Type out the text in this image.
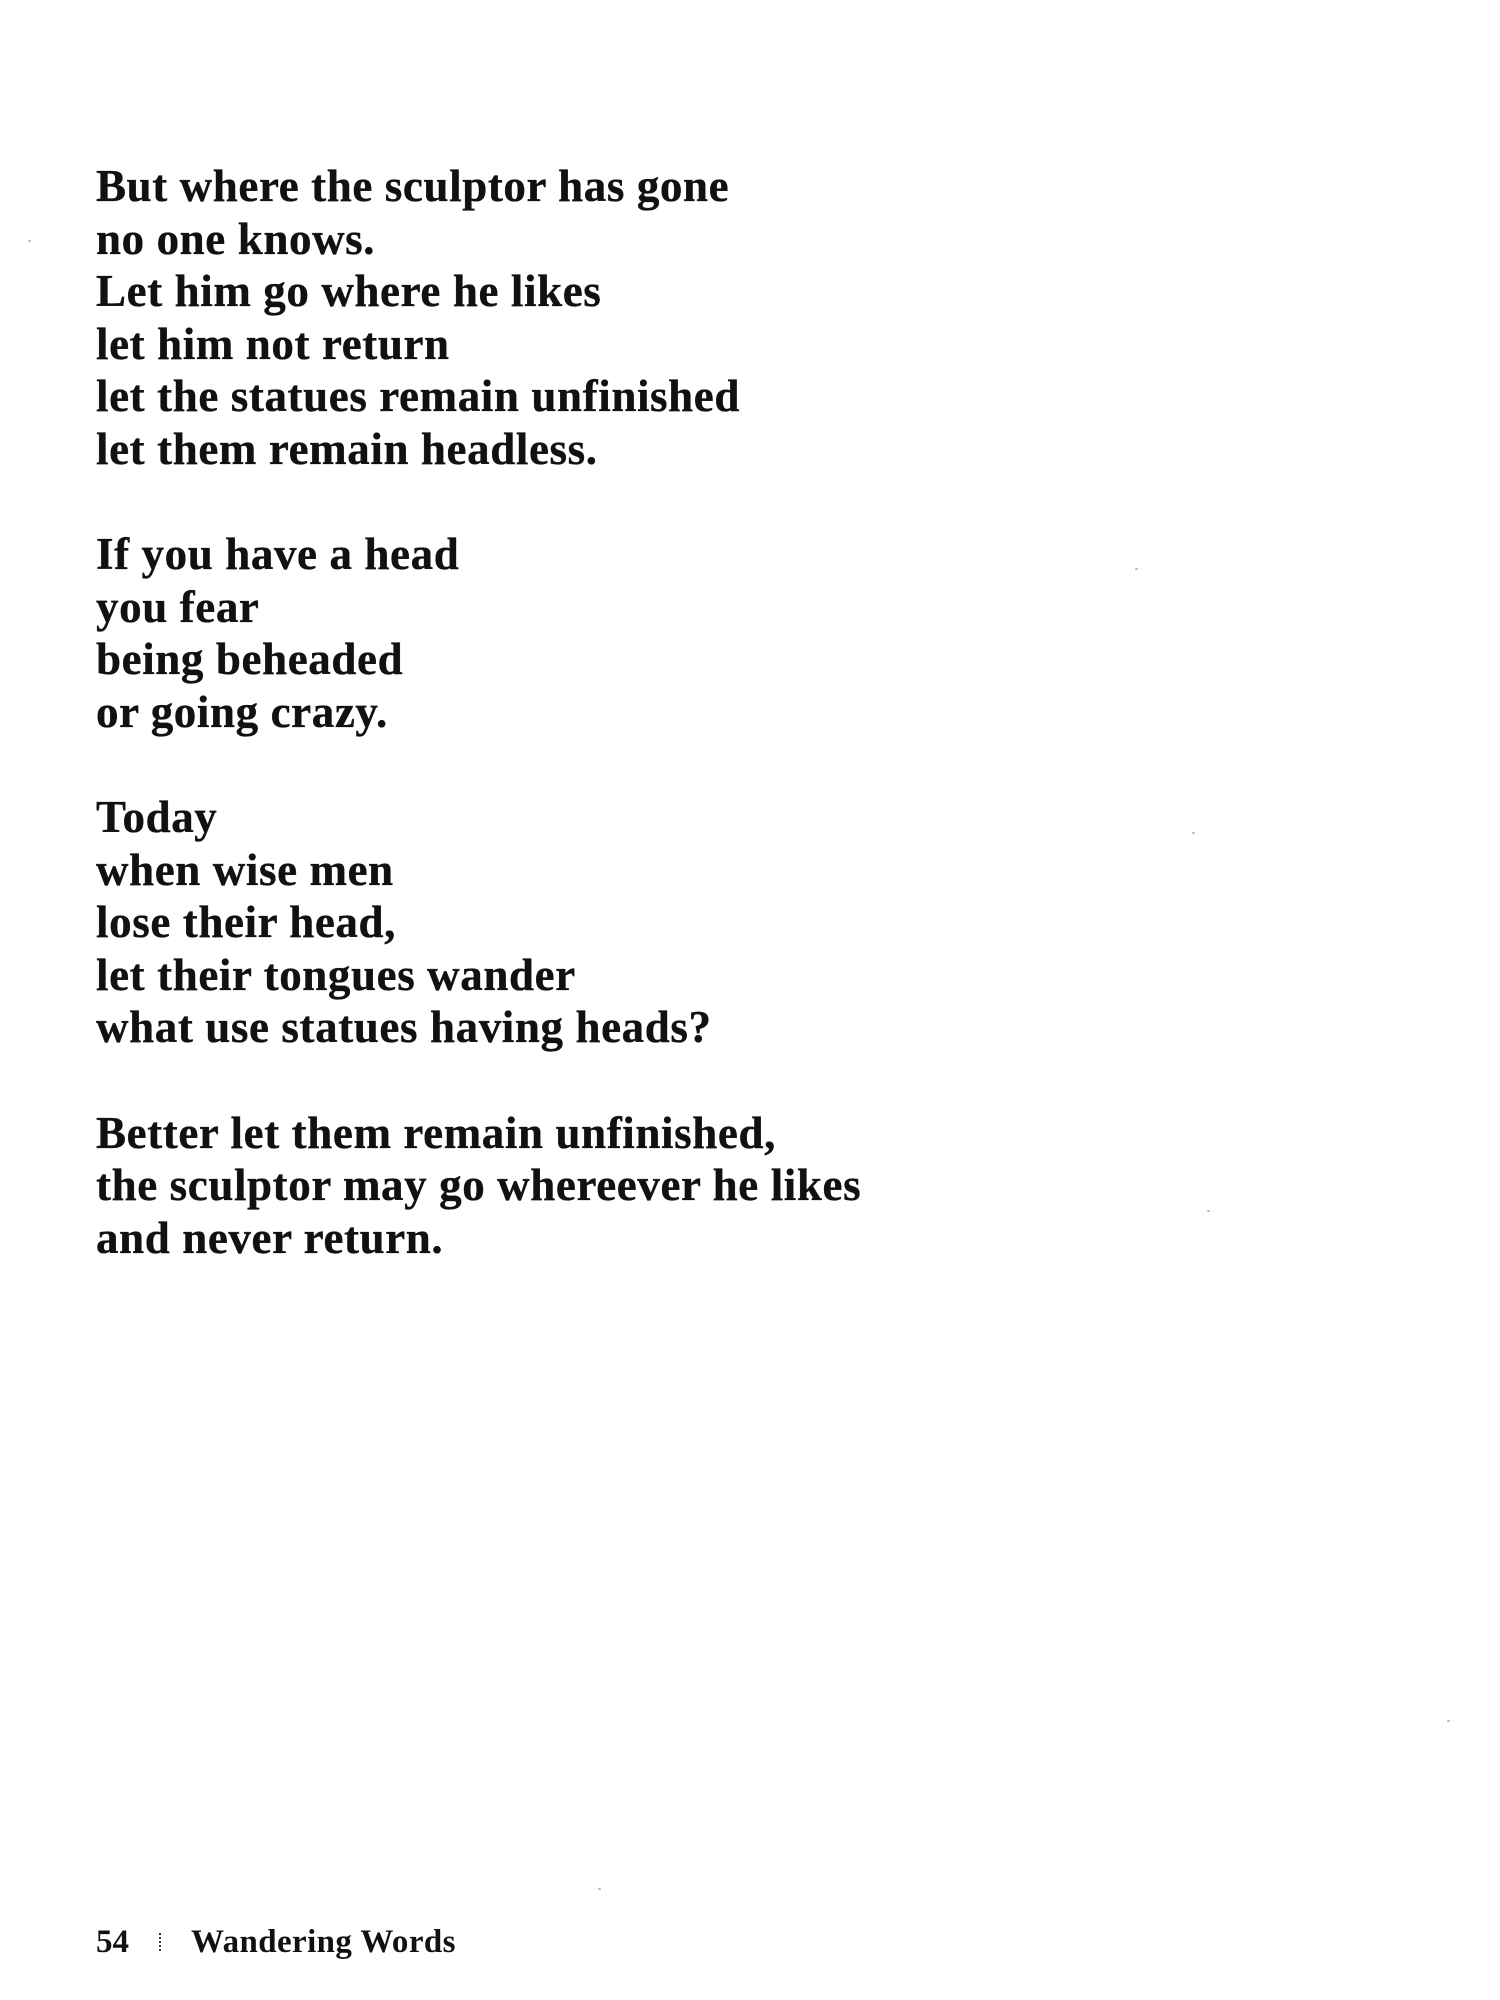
But where the sculptor has gone
no one knows.
Let him go where he likes
let him not return
let the statues remain unfinished
let them remain headless.
If you have a head
you fear
being beheaded
or going crazy.
Today
when wise men
lose their head,
let their tongues wander
what use statues having heads?
Better let them remain unfinished,
the sculptor may go whereever he likes
and never return.
54 Wandering Words
